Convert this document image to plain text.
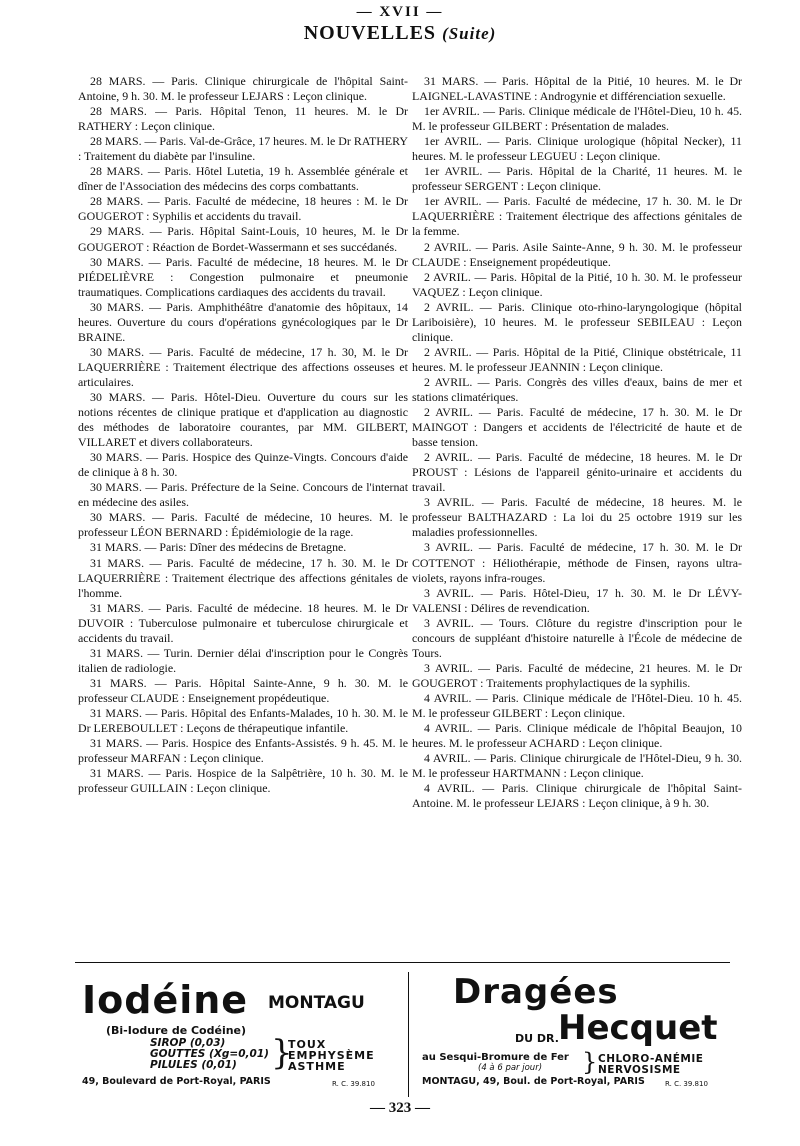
— XVII —
NOUVELLES (Suite)

28 MARS. — Paris. Clinique chirurgicale de l'hôpital Saint-Antoine, 9 h. 30. M. le professeur LEJARS : Leçon clinique.

28 MARS. — Paris. Hôpital Tenon, 11 heures. M. le Dr RATHERY : Leçon clinique.

28 MARS. — Paris. Val-de-Grâce, 17 heures. M. le Dr RATHERY : Traitement du diabète par l'insuline.

28 MARS. — Paris. Hôtel Lutetia, 19 h. Assemblée générale et dîner de l'Association des médecins des corps combattants.

28 MARS. — Paris. Faculté de médecine, 18 heures : M. le Dr GOUGEROT : Syphilis et accidents du travail.

29 MARS. — Paris. Hôpital Saint-Louis, 10 heures, M. le Dr GOUGEROT : Réaction de Bordet-Wassermann et ses succédanés.

30 MARS. — Paris. Faculté de médecine, 18 heures. M. le Dr PIÉDELIÈVRE : Congestion pulmonaire et pneumonie traumatiques. Complications cardiaques des accidents du travail.

30 MARS. — Paris. Amphithéâtre d'anatomie des hôpitaux, 14 heures. Ouverture du cours d'opérations gynécologiques par le Dr BRAINE.

30 MARS. — Paris. Faculté de médecine, 17 h. 30, M. le Dr LAQUERRIÈRE : Traitement électrique des affections osseuses et articulaires.

30 MARS. — Paris. Hôtel-Dieu. Ouverture du cours sur les notions récentes de clinique pratique et d'application au diagnostic des méthodes de laboratoire courantes, par MM. GILBERT, VILLARET et divers collaborateurs.

30 MARS. — Paris. Hospice des Quinze-Vingts. Concours d'aide de clinique à 8 h. 30.

30 MARS. — Paris. Préfecture de la Seine. Concours de l'internat en médecine des asiles.

30 MARS. — Paris. Faculté de médecine, 10 heures. M. le professeur LÉON BERNARD : Épidémiologie de la rage.

31 MARS. — Paris: Dîner des médecins de Bretagne.

31 MARS. — Paris. Faculté de médecine, 17 h. 30. M. le Dr LAQUERRIÈRE : Traitement électrique des affections génitales de l'homme.

31 MARS. — Paris. Faculté de médecine. 18 heures. M. le Dr DUVOIR : Tuberculose pulmonaire et tuberculose chirurgicale et accidents du travail.

31 MARS. — Turin. Dernier délai d'inscription pour le Congrès italien de radiologie.

31 MARS. — Paris. Hôpital Sainte-Anne, 9 h. 30. M. le professeur CLAUDE : Enseignement propédeutique.

31 MARS. — Paris. Hôpital des Enfants-Malades, 10 h. 30. M. le Dr LEREBOULLET : Leçons de thérapeutique infantile.

31 MARS. — Paris. Hospice des Enfants-Assistés. 9 h. 45. M. le professeur MARFAN : Leçon clinique.

31 MARS. — Paris. Hospice de la Salpêtrière, 10 h. 30. M. le professeur GUILLAIN : Leçon clinique.

31 MARS. — Paris. Hôpital de la Pitié, 10 heures. M. le Dr LAIGNEL-LAVASTINE : Androgynie et différenciation sexuelle.

1er AVRIL. — Paris. Clinique médicale de l'Hôtel-Dieu, 10 h. 45. M. le professeur GILBERT : Présentation de malades.

1er AVRIL. — Paris. Clinique urologique (hôpital Necker), 11 heures. M. le professeur LEGUEU : Leçon clinique.

1er AVRIL. — Paris. Hôpital de la Charité, 11 heures. M. le professeur SERGENT : Leçon clinique.

1er AVRIL. — Paris. Faculté de médecine, 17 h. 30. M. le Dr LAQUERRIÈRE : Traitement électrique des affections génitales de la femme.

2 AVRIL. — Paris. Asile Sainte-Anne, 9 h. 30. M. le professeur CLAUDE : Enseignement propédeutique.

2 AVRIL. — Paris. Hôpital de la Pitié, 10 h. 30. M. le professeur VAQUEZ : Leçon clinique.

2 AVRIL. — Paris. Clinique oto-rhino-laryngologique (hôpital Lariboisière), 10 heures. M. le professeur SEBILEAU : Leçon clinique.

2 AVRIL. — Paris. Hôpital de la Pitié, Clinique obstétricale, 11 heures. M. le professeur JEANNIN : Leçon clinique.

2 AVRIL. — Paris. Congrès des villes d'eaux, bains de mer et stations climatériques.

2 AVRIL. — Paris. Faculté de médecine, 17 h. 30. M. le Dr MAINGOT : Dangers et accidents de l'électricité de haute et de basse tension.

2 AVRIL. — Paris. Faculté de médecine, 18 heures. M. le Dr PROUST : Lésions de l'appareil génito-urinaire et accidents du travail.

3 AVRIL. — Paris. Faculté de médecine, 18 heures. M. le professeur BALTHAZARD : La loi du 25 octobre 1919 sur les maladies professionnelles.

3 AVRIL. — Paris. Faculté de médecine, 17 h. 30. M. le Dr COTTENOT : Héliothérapie, méthode de Finsen, rayons ultra-violets, rayons infra-rouges.

3 AVRIL. — Paris. Hôtel-Dieu, 17 h. 30. M. le Dr LÉVY-VALENSI : Délires de revendication.

3 AVRIL. — Tours. Clôture du registre d'inscription pour le concours de suppléant d'histoire naturelle à l'École de médecine de Tours.

3 AVRIL. — Paris. Faculté de médecine, 21 heures. M. le Dr GOUGEROT : Traitements prophylactiques de la syphilis.

4 AVRIL. — Paris. Clinique médicale de l'Hôtel-Dieu. 10 h. 45. M. le professeur GILBERT : Leçon clinique.

4 AVRIL. — Paris. Clinique médicale de l'hôpital Beaujon, 10 heures. M. le professeur ACHARD : Leçon clinique.

4 AVRIL. — Paris. Clinique chirurgicale de l'Hôtel-Dieu, 9 h. 30. M. le professeur HARTMANN : Leçon clinique.

4 AVRIL. — Paris. Clinique chirurgicale de l'hôpital Saint-Antoine. M. le professeur LEJARS : Leçon clinique, à 9 h. 30.

Iodéine MONTAGU
(Bi-Iodure de Codéine)
SIROP (0,03)
GOUTTES (Xg=0,01)
PILULES (0,01)	}
TOUX
EMPHYSÈME
ASTHME
49, Boulevard de Port-Royal, PARIS	R. C. 39.810
Dragées
DU DR. Hecquet
au Sesqui-Bromure de Fer
(4 à 6 par jour) } CHLORO-ANÉMIE
NERVOSISME
MONTAGU, 49, Boul. de Port-Royal, PARIS	R. C. 39.810
— 323 —
